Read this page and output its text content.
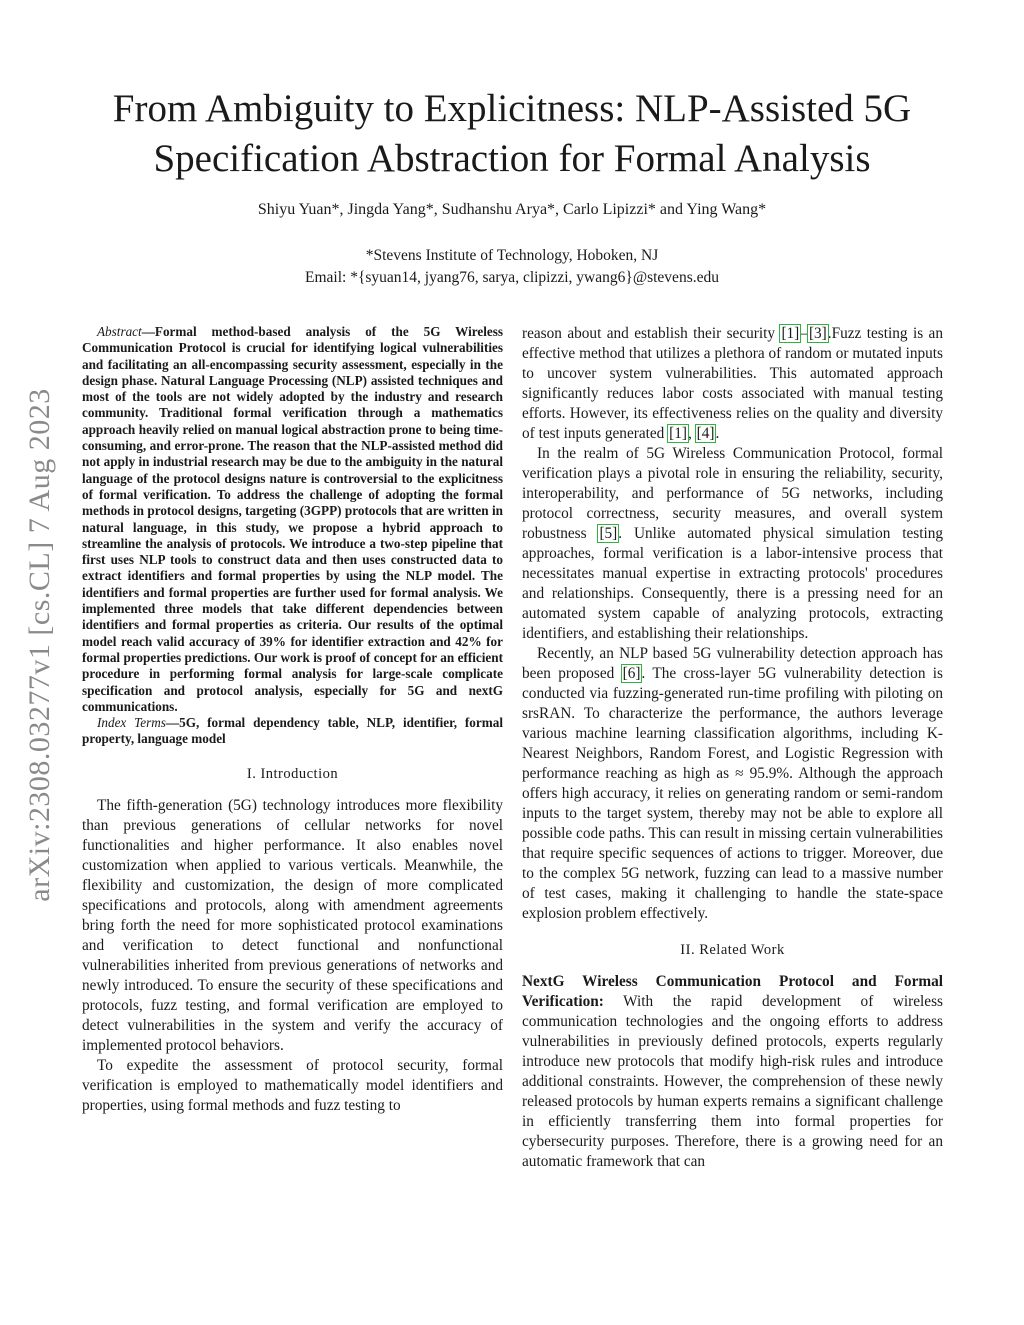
From Ambiguity to Explicitness: NLP-Assisted 5G
Specification Abstraction for Formal Analysis
Shiyu Yuan*, Jingda Yang*, Sudhanshu Arya*, Carlo Lipizzi* and Ying Wang*
*Stevens Institute of Technology, Hoboken, NJ
Email: *{syuan14, jyang76, sarya, clipizzi, ywang6}@stevens.edu
arXiv:2308.03277v1 [cs.CL] 7 Aug 2023

Abstract—Formal method-based analysis of the 5G Wireless Communication Protocol is crucial for identifying logical vulnerabilities and facilitating an all-encompassing security assessment, especially in the design phase. Natural Language Processing (NLP) assisted techniques and most of the tools are not widely adopted by the industry and research community. Traditional formal verification through a mathematics approach heavily relied on manual logical abstraction prone to being time-consuming, and error-prone. The reason that the NLP-assisted method did not apply in industrial research may be due to the ambiguity in the natural language of the protocol designs nature is controversial to the explicitness of formal verification. To address the challenge of adopting the formal methods in protocol designs, targeting (3GPP) protocols that are written in natural language, in this study, we propose a hybrid approach to streamline the analysis of protocols. We introduce a two-step pipeline that first uses NLP tools to construct data and then uses constructed data to extract identifiers and formal properties by using the NLP model. The identifiers and formal properties are further used for formal analysis. We implemented three models that take different dependencies between identifiers and formal properties as criteria. Our results of the optimal model reach valid accuracy of 39% for identifier extraction and 42% for formal properties predictions. Our work is proof of concept for an efficient procedure in performing formal analysis for large-scale complicate specification and protocol analysis, especially for 5G and nextG communications.

Index Terms—5G, formal dependency table, NLP, identifier, formal property, language model

I. Introduction

The fifth-generation (5G) technology introduces more flexibility than previous generations of cellular networks for novel functionalities and higher performance. It also enables novel customization when applied to various verticals. Meanwhile, the flexibility and customization, the design of more complicated specifications and protocols, along with amendment agreements bring forth the need for more sophisticated protocol examinations and verification to detect functional and nonfunctional vulnerabilities inherited from previous generations of networks and newly introduced. To ensure the security of these specifications and protocols, fuzz testing, and formal verification are employed to detect vulnerabilities in the system and verify the accuracy of implemented protocol behaviors.

To expedite the assessment of protocol security, formal verification is employed to mathematically model identifiers and properties, using formal methods and fuzz testing to

reason about and establish their security [1]–[3].Fuzz testing is an effective method that utilizes a plethora of random or mutated inputs to uncover system vulnerabilities. This automated approach significantly reduces labor costs associated with manual testing efforts. However, its effectiveness relies on the quality and diversity of test inputs generated [1], [4].

In the realm of 5G Wireless Communication Protocol, formal verification plays a pivotal role in ensuring the reliability, security, interoperability, and performance of 5G networks, including protocol correctness, security measures, and overall system robustness [5]. Unlike automated physical simulation testing approaches, formal verification is a labor-intensive process that necessitates manual expertise in extracting protocols' procedures and relationships. Consequently, there is a pressing need for an automated system capable of analyzing protocols, extracting identifiers, and establishing their relationships.

Recently, an NLP based 5G vulnerability detection approach has been proposed [6]. The cross-layer 5G vulnerability detection is conducted via fuzzing-generated run-time profiling with piloting on srsRAN. To characterize the performance, the authors leverage various machine learning classification algorithms, including K-Nearest Neighbors, Random Forest, and Logistic Regression with performance reaching as high as ≈ 95.9%. Although the approach offers high accuracy, it relies on generating random or semi-random inputs to the target system, thereby may not be able to explore all possible code paths. This can result in missing certain vulnerabilities that require specific sequences of actions to trigger. Moreover, due to the complex 5G network, fuzzing can lead to a massive number of test cases, making it challenging to handle the state-space explosion problem effectively.

II. Related Work

NextG Wireless Communication Protocol and Formal Verification: With the rapid development of wireless communication technologies and the ongoing efforts to address vulnerabilities in previously defined protocols, experts regularly introduce new protocols that modify high-risk rules and introduce additional constraints. However, the comprehension of these newly released protocols by human experts remains a significant challenge in efficiently transferring them into formal properties for cybersecurity purposes. Therefore, there is a growing need for an automatic framework that can
